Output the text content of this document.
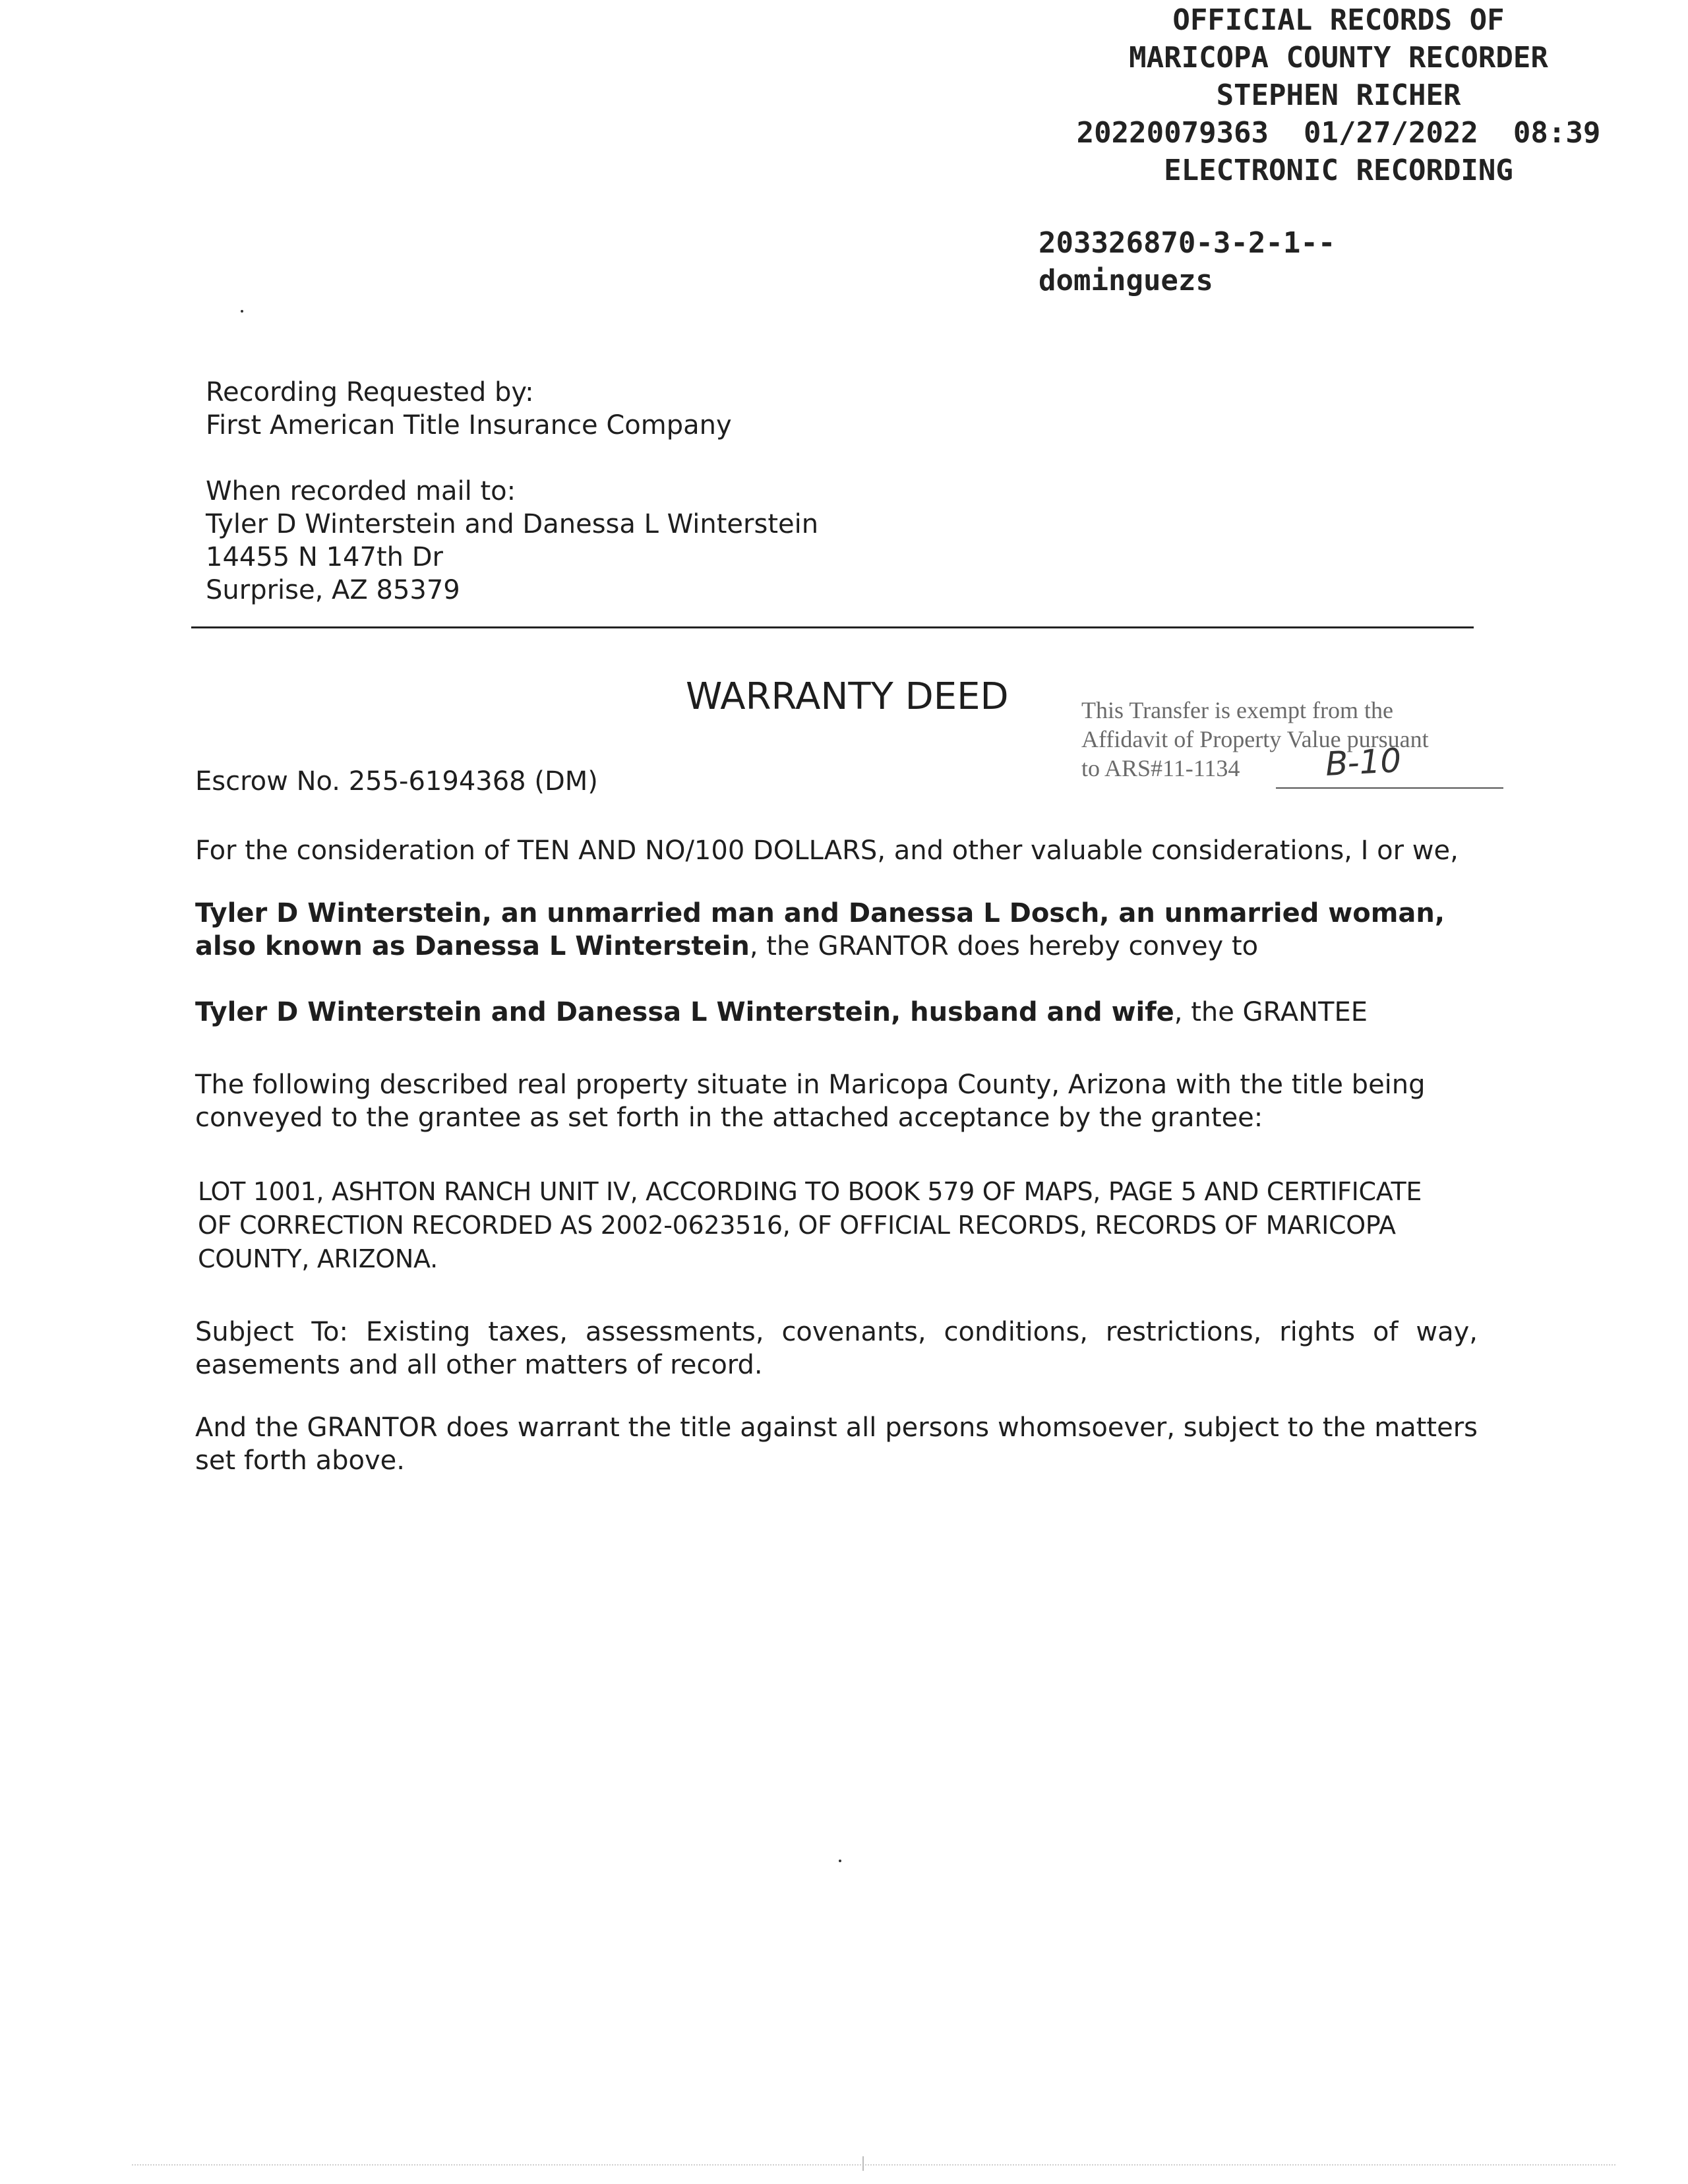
OFFICIAL RECORDS OF
MARICOPA COUNTY RECORDER
STEPHEN RICHER
20220079363  01/27/2022  08:39
ELECTRONIC RECORDING
203326870-3-2-1--
dominguezs
Recording Requested by:
First American Title Insurance Company
When recorded mail to:
Tyler D Winterstein and Danessa L Winterstein
14455 N 147th Dr
Surprise, AZ 85379
WARRANTY DEED	This Transfer is exempt from the
Affidavit of Property Value pursuant
to ARS#11-1134	B-10
Escrow No. 255-6194368 (DM)
For the consideration of TEN AND NO/100 DOLLARS, and other valuable considerations, I or we,
Tyler D Winterstein, an unmarried man and Danessa L Dosch, an unmarried woman, also known as Danessa L Winterstein, the GRANTOR does hereby convey to
Tyler D Winterstein and Danessa L Winterstein, husband and wife, the GRANTEE
The following described real property situate in Maricopa County, Arizona with the title being conveyed to the grantee as set forth in the attached acceptance by the grantee:
LOT 1001, ASHTON RANCH UNIT IV, ACCORDING TO BOOK 579 OF MAPS, PAGE 5 AND CERTIFICATE
OF CORRECTION RECORDED AS 2002-0623516, OF OFFICIAL RECORDS, RECORDS OF MARICOPA
COUNTY, ARIZONA.
Subject To: Existing taxes, assessments, covenants, conditions, restrictions, rights of way, easements and all other matters of record.
And the GRANTOR does warrant the title against all persons whomsoever, subject to the matters set forth above.
